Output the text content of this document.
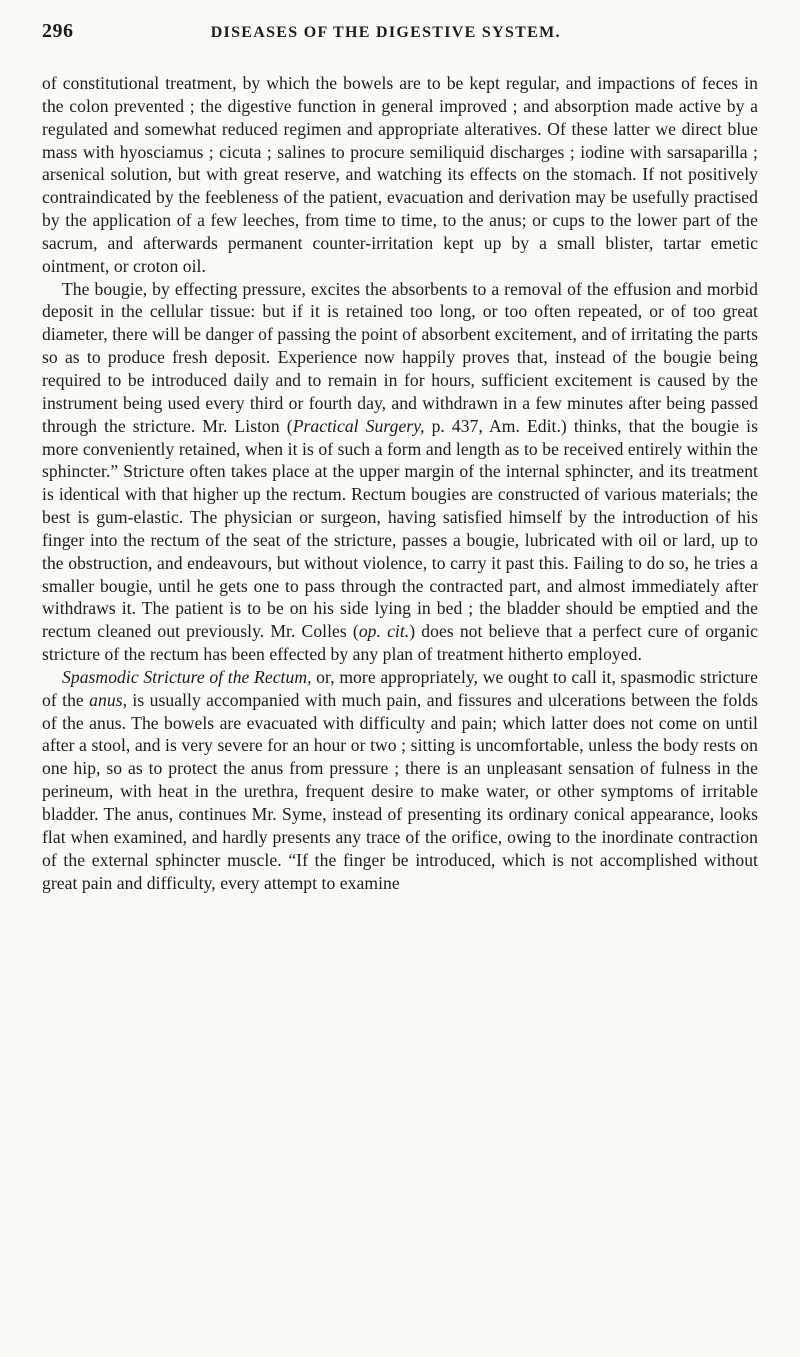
296	DISEASES OF THE DIGESTIVE SYSTEM.

of constitutional treatment, by which the bowels are to be kept regular, and impactions of feces in the colon prevented ; the digestive function in general improved ; and absorption made active by a regulated and somewhat reduced regimen and appropriate alteratives. Of these latter we direct blue mass with hyosciamus ; cicuta ; salines to procure semiliquid discharges ; iodine with sarsaparilla ; arsenical solution, but with great reserve, and watching its effects on the stomach. If not positively contraindicated by the feebleness of the patient, evacuation and derivation may be usefully practised by the application of a few leeches, from time to time, to the anus; or cups to the lower part of the sacrum, and afterwards permanent counter-irritation kept up by a small blister, tartar emetic ointment, or croton oil.

The bougie, by effecting pressure, excites the absorbents to a removal of the effusion and morbid deposit in the cellular tissue: but if it is retained too long, or too often repeated, or of too great diameter, there will be danger of passing the point of absorbent excitement, and of irritating the parts so as to produce fresh deposit. Experience now happily proves that, instead of the bougie being required to be introduced daily and to remain in for hours, sufficient excitement is caused by the instrument being used every third or fourth day, and withdrawn in a few minutes after being passed through the stricture. Mr. Liston (Practical Surgery, p. 437, Am. Edit.) thinks, that the bougie is more conveniently retained, when it is of such a form and length as to be received entirely within the sphincter.” Stricture often takes place at the upper margin of the internal sphincter, and its treatment is identical with that higher up the rectum. Rectum bougies are constructed of various materials; the best is gum-elastic. The physician or surgeon, having satisfied himself by the introduction of his finger into the rectum of the seat of the stricture, passes a bougie, lubricated with oil or lard, up to the obstruction, and endeavours, but without violence, to carry it past this. Failing to do so, he tries a smaller bougie, until he gets one to pass through the contracted part, and almost immediately after withdraws it. The patient is to be on his side lying in bed ; the bladder should be emptied and the rectum cleaned out previously. Mr. Colles (op. cit.) does not believe that a perfect cure of organic stricture of the rectum has been effected by any plan of treatment hitherto employed.

Spasmodic Stricture of the Rectum, or, more appropriately, we ought to call it, spasmodic stricture of the anus, is usually accompanied with much pain, and fissures and ulcerations between the folds of the anus. The bowels are evacuated with difficulty and pain; which latter does not come on until after a stool, and is very severe for an hour or two ; sitting is uncomfortable, unless the body rests on one hip, so as to protect the anus from pressure ; there is an unpleasant sensation of fulness in the perineum, with heat in the urethra, frequent desire to make water, or other symptoms of irritable bladder. The anus, continues Mr. Syme, instead of presenting its ordinary conical appearance, looks flat when examined, and hardly presents any trace of the orifice, owing to the inordinate contraction of the external sphincter muscle. “If the finger be introduced, which is not accomplished without great pain and difficulty, every attempt to examine
